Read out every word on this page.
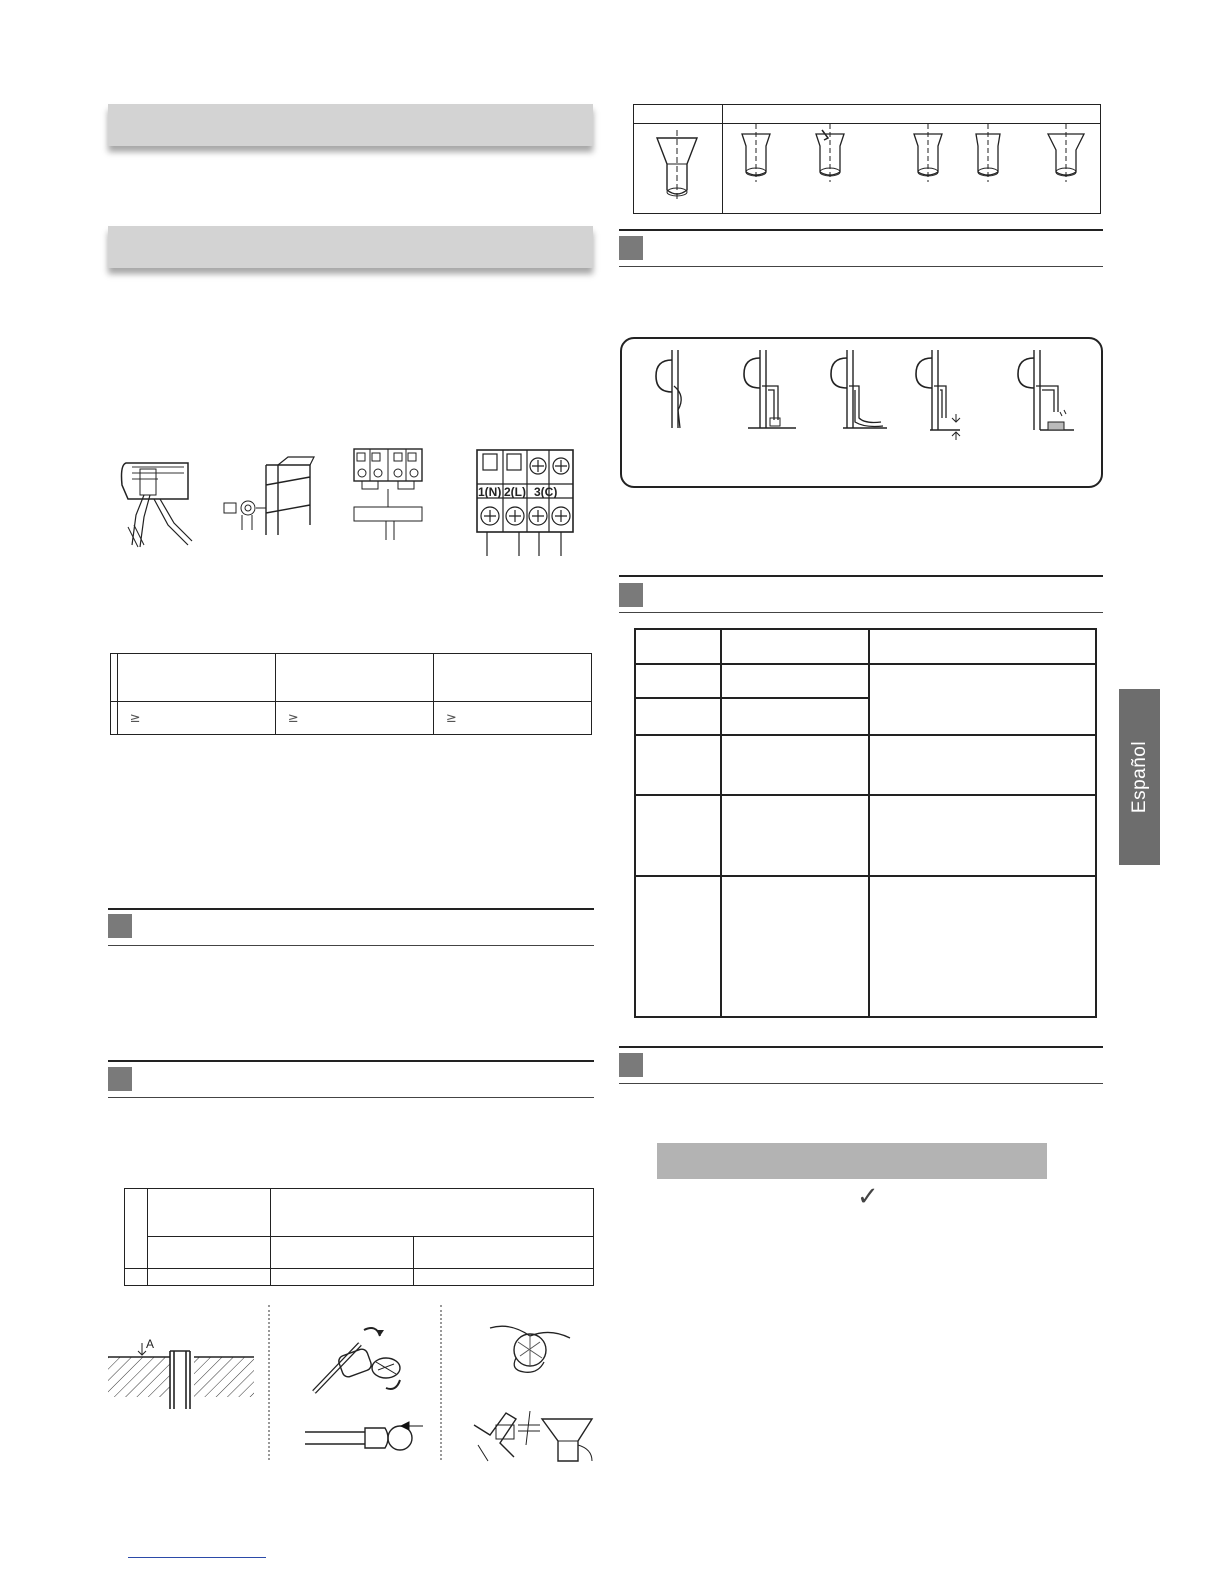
1(N) 2(L) 3(C)

	≥	≥	≥

A
✓
Español
